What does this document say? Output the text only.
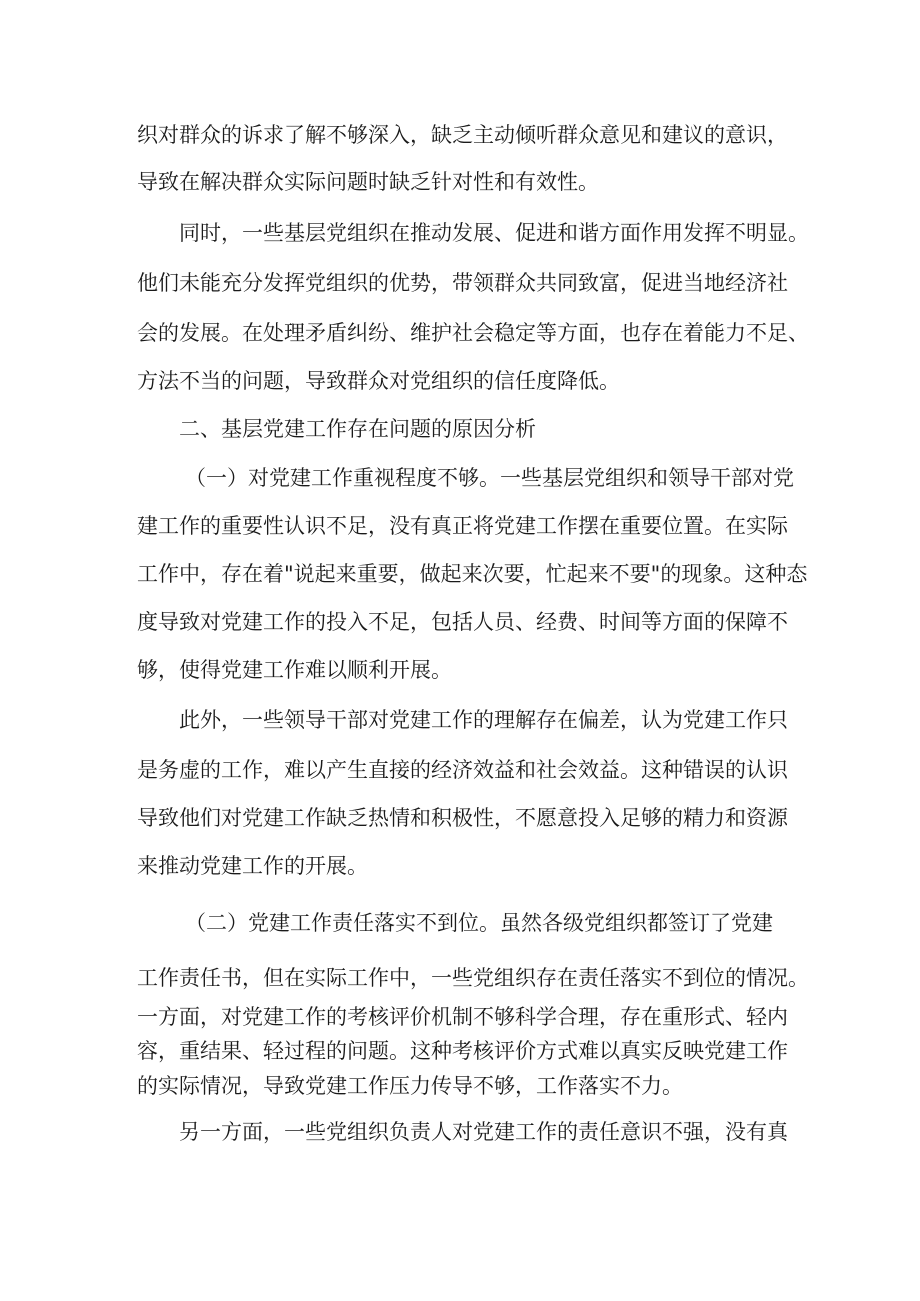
织对群众的诉求了解不够深入，缺乏主动倾听群众意见和建议的意识，
导致在解决群众实际问题时缺乏针对性和有效性。
同时，一些基层党组织在推动发展、促进和谐方面作用发挥不明显。
他们未能充分发挥党组织的优势，带领群众共同致富，促进当地经济社
会的发展。在处理矛盾纠纷、维护社会稳定等方面，也存在着能力不足、
方法不当的问题，导致群众对党组织的信任度降低。
二、基层党建工作存在问题的原因分析
（一）对党建工作重视程度不够。一些基层党组织和领导干部对党
建工作的重要性认识不足，没有真正将党建工作摆在重要位置。在实际
工作中，存在着"说起来重要，做起来次要，忙起来不要"的现象。这种态
度导致对党建工作的投入不足，包括人员、经费、时间等方面的保障不
够，使得党建工作难以顺利开展。
此外，一些领导干部对党建工作的理解存在偏差，认为党建工作只
是务虚的工作，难以产生直接的经济效益和社会效益。这种错误的认识
导致他们对党建工作缺乏热情和积极性，不愿意投入足够的精力和资源
来推动党建工作的开展。
（二）党建工作责任落实不到位。虽然各级党组织都签订了党建
工作责任书，但在实际工作中，一些党组织存在责任落实不到位的情况。
一方面，对党建工作的考核评价机制不够科学合理，存在重形式、轻内
容，重结果、轻过程的问题。这种考核评价方式难以真实反映党建工作
的实际情况，导致党建工作压力传导不够，工作落实不力。
另一方面，一些党组织负责人对党建工作的责任意识不强，没有真
